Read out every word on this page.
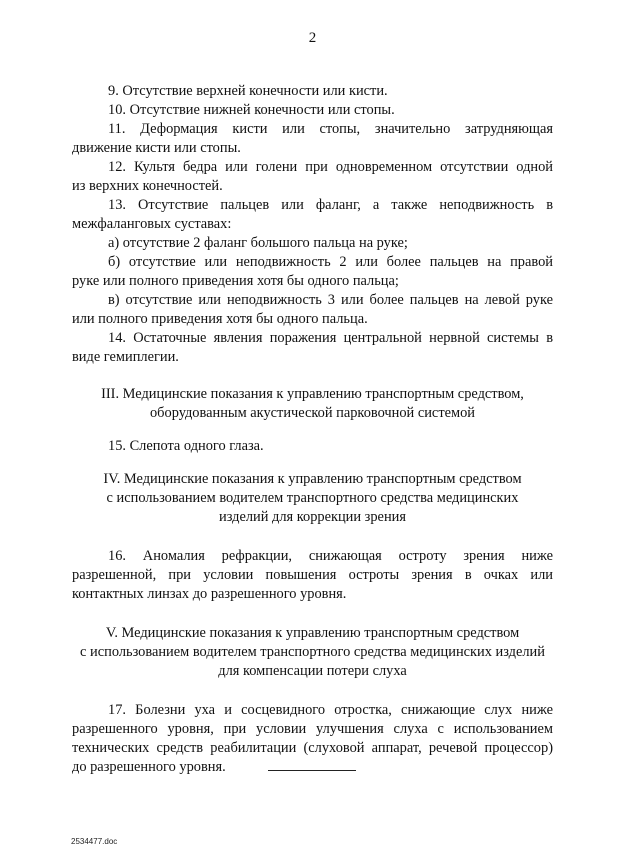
2
9. Отсутствие верхней конечности или кисти.
10. Отсутствие нижней конечности или стопы.
11. Деформация кисти или стопы, значительно затрудняющая
движение кисти или стопы.
12. Культя бедра или голени при одновременном отсутствии одной
из верхних конечностей.
13. Отсутствие пальцев или фаланг, а также неподвижность в
межфаланговых суставах:
а) отсутствие 2 фаланг большого пальца на руке;
б) отсутствие или неподвижность 2 или более пальцев на правой
руке или полного приведения хотя бы одного пальца;
в) отсутствие или неподвижность 3 или более пальцев на левой руке
или полного приведения хотя бы одного пальца.
14. Остаточные явления поражения центральной нервной системы в
виде гемиплегии.

III. Медицинские показания к управлению транспортным средством,

оборудованным акустической парковочной системой

15. Слепота одного глаза.

IV. Медицинские показания к управлению транспортным средством

с использованием водителем транспортного средства медицинских

изделий для коррекции зрения

16. Аномалия рефракции, снижающая остроту зрения ниже
разрешенной, при условии повышения остроты зрения в очках или
контактных линзах до разрешенного уровня.

V. Медицинские показания к управлению транспортным средством

с использованием водителем транспортного средства медицинских изделий

для компенсации потери слуха

17. Болезни уха и сосцевидного отростка, снижающие слух ниже
разрешенного уровня, при условии улучшения слуха с использованием
технических средств реабилитации (слуховой аппарат, речевой процессор)
до разрешенного уровня.
2534477.doc
